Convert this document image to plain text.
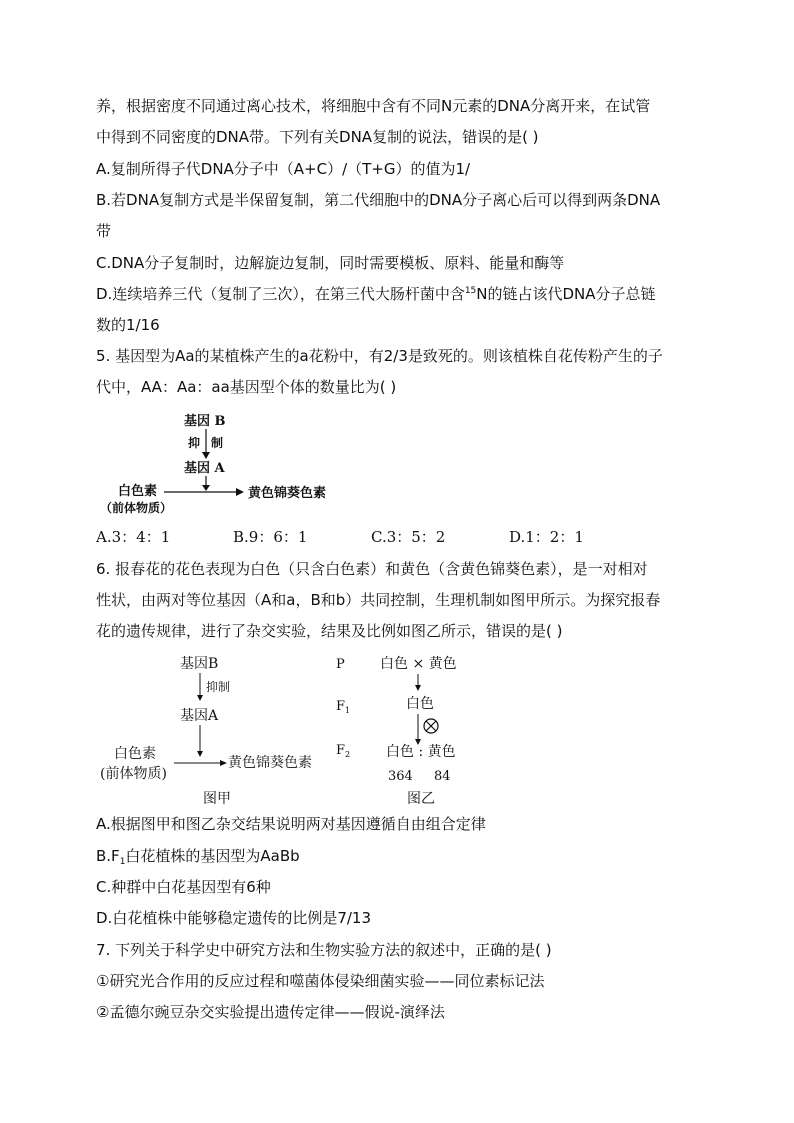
养，根据密度不同通过离心技术，将细胞中含有不同N元素的DNA分离开来，在试管
中得到不同密度的DNA带。下列有关DNA复制的说法，错误的是( )
A.复制所得子代DNA分子中（A+C）/（T+G）的值为1/
B.若DNA复制方式是半保留复制，第二代细胞中的DNA分子离心后可以得到两条DNA
带
C.DNA分子复制时，边解旋边复制，同时需要模板、原料、能量和酶等
D.连续培养三代（复制了三次），在第三代大肠杆菌中含$^{15}$N的链占该代DNA分子总链
数的1/16
5. 基因型为Aa的某植株产生的a花粉中，有2/3是致死的。则该植株自花传粉产生的子
代中，AA：Aa：aa基因型个体的数量比为( )
基因 B
抑 制
基因 A
白色素
（前体物质）
黄色锦葵色素
A.3：4：1	B.9：6：1	C.3：5：2	D.1：2：1
6. 报春花的花色表现为白色（只含白色素）和黄色（含黄色锦葵色素），是一对相对
性状，由两对等位基因（A和a，B和b）共同控制，生理机制如图甲所示。为探究报春
花的遗传规律，进行了杂交实验，结果及比例如图乙所示，错误的是( )
基因B
抑制
基因A
白色素
(前体物质)
黄色锦葵色素
图甲
P	白色 × 黄色
$F_1$	白色
$F_2$	白色 : 黄色
364 84
图乙
A.根据图甲和图乙杂交结果说明两对基因遵循自由组合定律
$B.F_1$白花植株的基因型为AaBb
C.种群中白花基因型有6种
D.白花植株中能够稳定遗传的比例是7/13
7. 下列关于科学史中研究方法和生物实验方法的叙述中，正确的是( )
①研究光合作用的反应过程和噬菌体侵染细菌实验——同位素标记法
②孟德尔豌豆杂交实验提出遗传定律——假说-演绎法
